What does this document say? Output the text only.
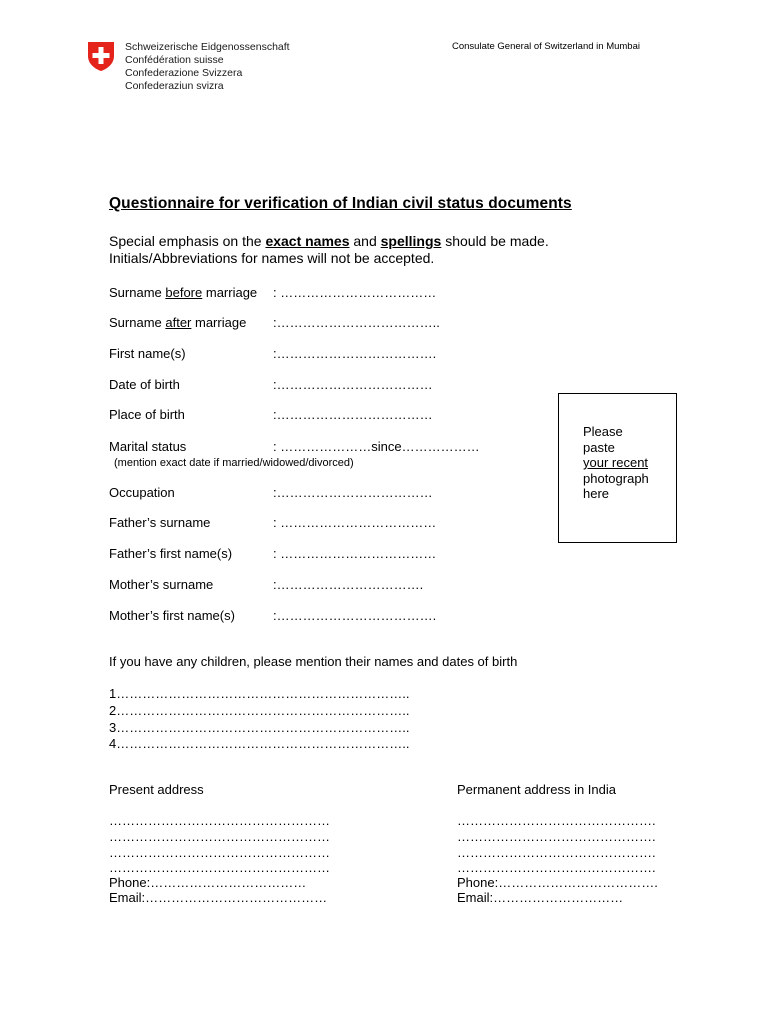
Schweizerische Eidgenossenschaft
Confédération suisse
Confederazione Svizzera
Confederaziun svizra
Consulate General of Switzerland in Mumbai
Questionnaire for verification of Indian civil status documents
Special emphasis on the exact names and spellings should be made.
Initials/Abbreviations for names will not be accepted.
Surname before marriage : ………………………………
Surname after marriage :………………………………..
First name(s)	:……………………………….
Date of birth	:………………………………
Place of birth	:………………………………
Marital status	: …………………since………………
(mention exact date if married/widowed/divorced)
Occupation	:………………………………
Father’s surname	: ………………………………
Father’s first name(s)	: ………………………………
Mother’s surname	:…………………………….
Mother’s first name(s)	:……………………………….
Please
paste
your recent
photograph
here
If you have any children, please mention their names and dates of birth
1…………………………………………………………..
2…………………………………………………………..
3…………………………………………………………..
4…………………………………………………………..
Present address
……………………………………………
……………………………………………
……………………………………………
……………………………………………
Phone:………………………………
Email:……………………………………
Permanent address in India
……………………………………….
……………………………………….
……………………………………….
……………………………………….
Phone:……………………………….
Email:…………………………
